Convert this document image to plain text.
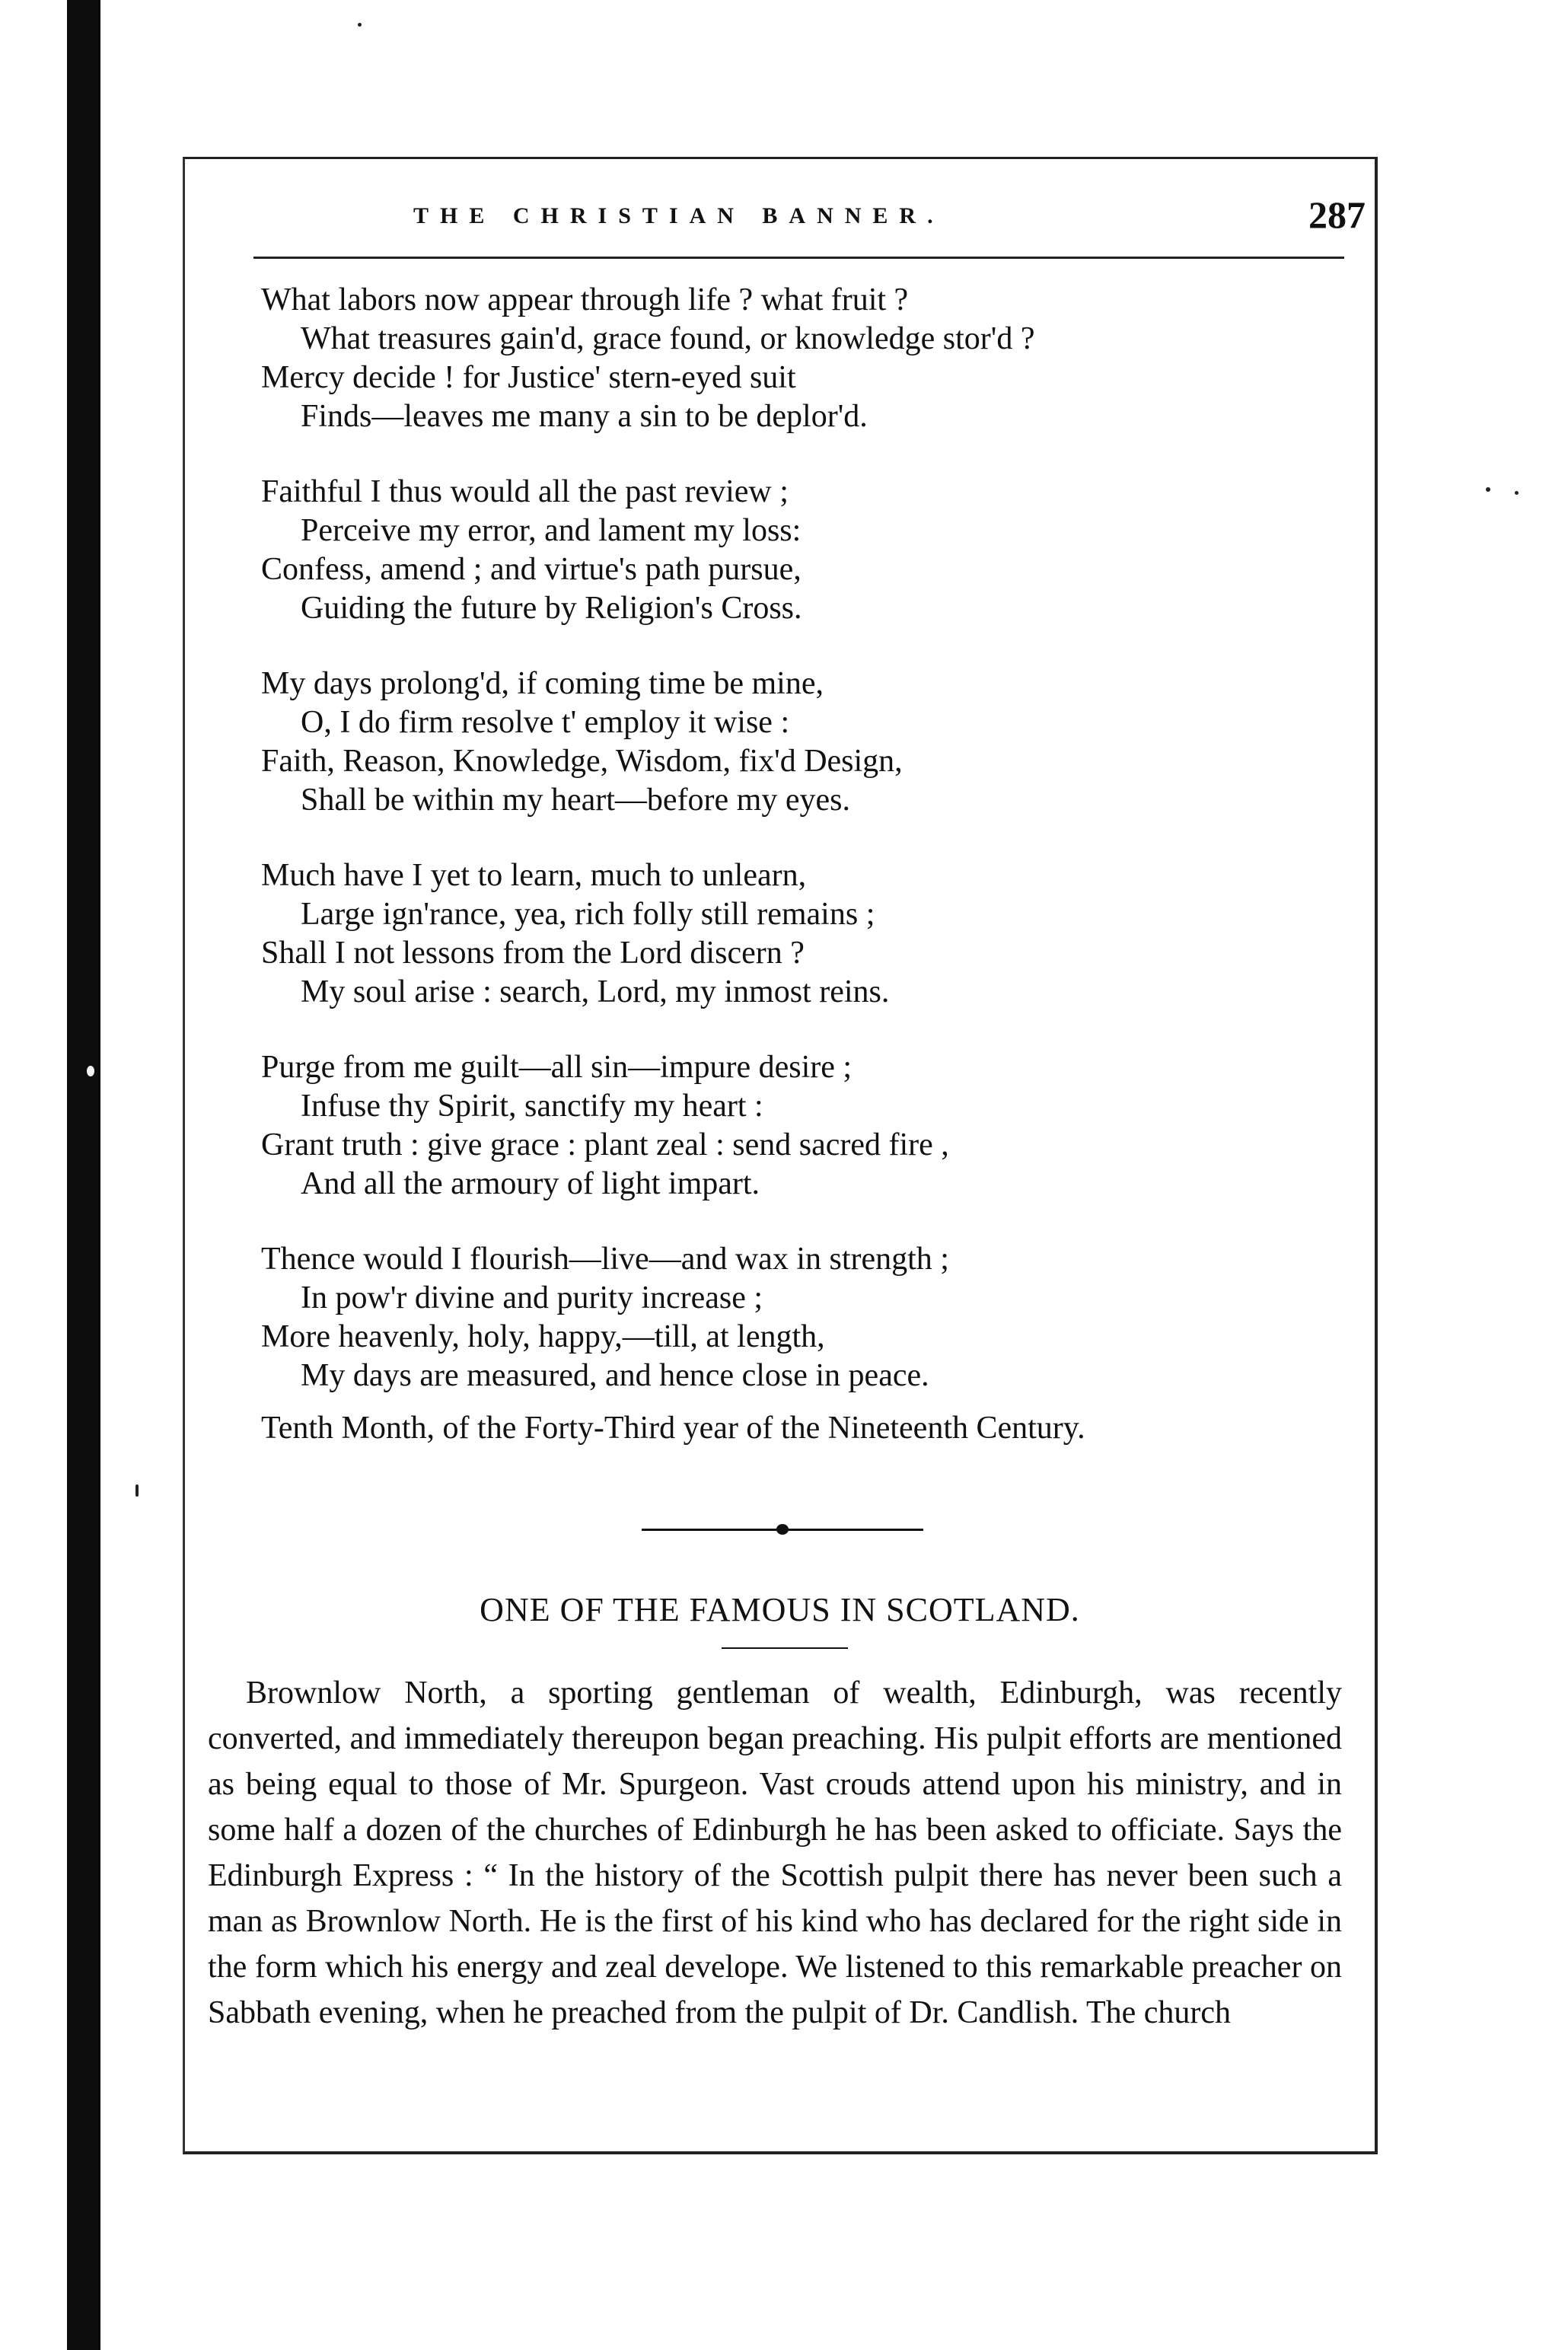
THE CHRISTIAN BANNER.	287
What labors now appear through life ? what fruit ?
What treasures gain'd, grace found, or knowledge stor'd ?
Mercy decide ! for Justice' stern-eyed suit
Finds—leaves me many a sin to be deplor'd.
Faithful I thus would all the past review ;
Perceive my error, and lament my loss:
Confess, amend ; and virtue's path pursue,
Guiding the future by Religion's Cross.
My days prolong'd, if coming time be mine,
O, I do firm resolve t' employ it wise :
Faith, Reason, Knowledge, Wisdom, fix'd Design,
Shall be within my heart—before my eyes.
Much have I yet to learn, much to unlearn,
Large ign'rance, yea, rich folly still remains ;
Shall I not lessons from the Lord discern ?
My soul arise : search, Lord, my inmost reins.
Purge from me guilt—all sin—impure desire ;
Infuse thy Spirit, sanctify my heart :
Grant truth : give grace : plant zeal : send sacred fire ,
And all the armoury of light impart.
Thence would I flourish—live—and wax in strength ;
In pow'r divine and purity increase ;
More heavenly, holy, happy,—till, at length,
My days are measured, and hence close in peace.
Tenth Month, of the Forty-Third year of the Nineteenth Century.
ONE OF THE FAMOUS IN SCOTLAND.

Brownlow North, a sporting gentleman of wealth, Edinburgh, was recently converted, and immediately thereupon began preaching. His pulpit efforts are mentioned as being equal to those of Mr. Spurgeon. Vast crouds attend upon his ministry, and in some half a dozen of the churches of Edinburgh he has been asked to officiate. Says the Edinburgh Express : “ In the history of the Scottish pulpit there has never been such a man as Brownlow North. He is the first of his kind who has declared for the right side in the form which his energy and zeal develope. We listened to this remarkable preacher on Sabbath evening, when he preached from the pulpit of Dr. Candlish. The church
